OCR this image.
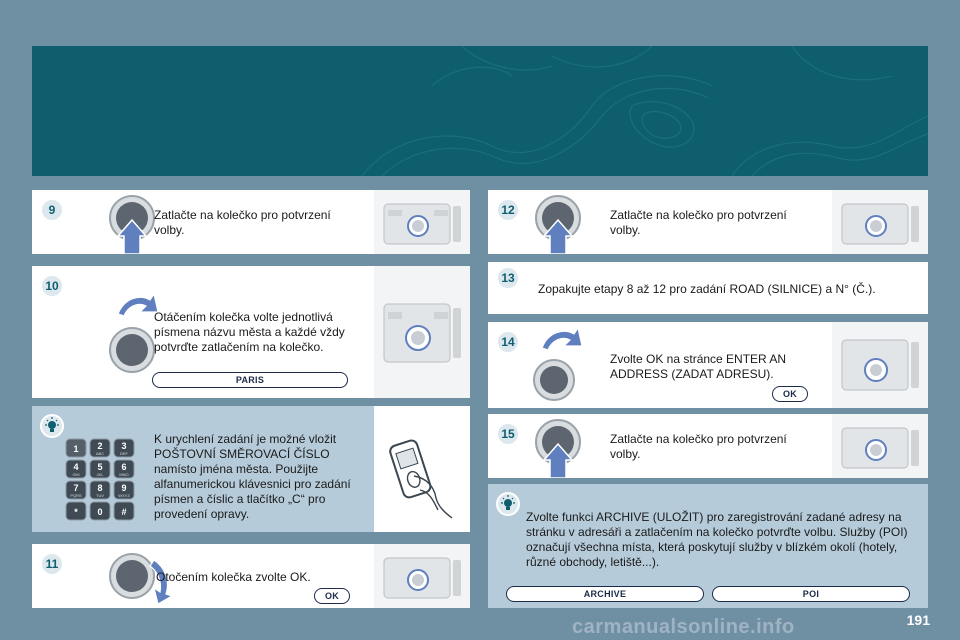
9	Zatlačte na kolečko pro potvrzení volby.
10
Otáčením kolečka volte jednotlivá písmena názvu města a každé vždy potvrďte zatlačením na kolečko.
PARIS
1 2
ABC
3
DEF
4
GHI
5
JKL
6
MNO
7
PQRS
8
TUV
9
WXYZ
* 0 #
K urychlení zadání je možné vložit POŠTOVNÍ SMĚROVACÍ ČÍSLO namísto jména města. Použijte alfanumerickou klávesnici pro zadání písmen a číslic a tlačítko „C“ pro provedení opravy.
11
Otočením kolečka zvolte OK.
OK
12	Zatlačte na kolečko pro potvrzení volby.
13
Zopakujte etapy 8 až 12 pro zadání ROAD (SILNICE) a N° (Č.).
14
Zvolte OK na stránce ENTER AN ADDRESS (ZADAT ADRESU).
OK
15	Zatlačte na kolečko pro potvrzení volby.
Zvolte funkci ARCHIVE (ULOŽIT) pro zaregistrování zadané adresy na stránku v adresáři a zatlačením na kolečko potvrďte volbu. Služby (POI) označují všechna místa, která poskytují služby v blízkém okolí (hotely, různé obchody, letiště...).
ARCHIVE	POI
191
carmanualsonline.info
